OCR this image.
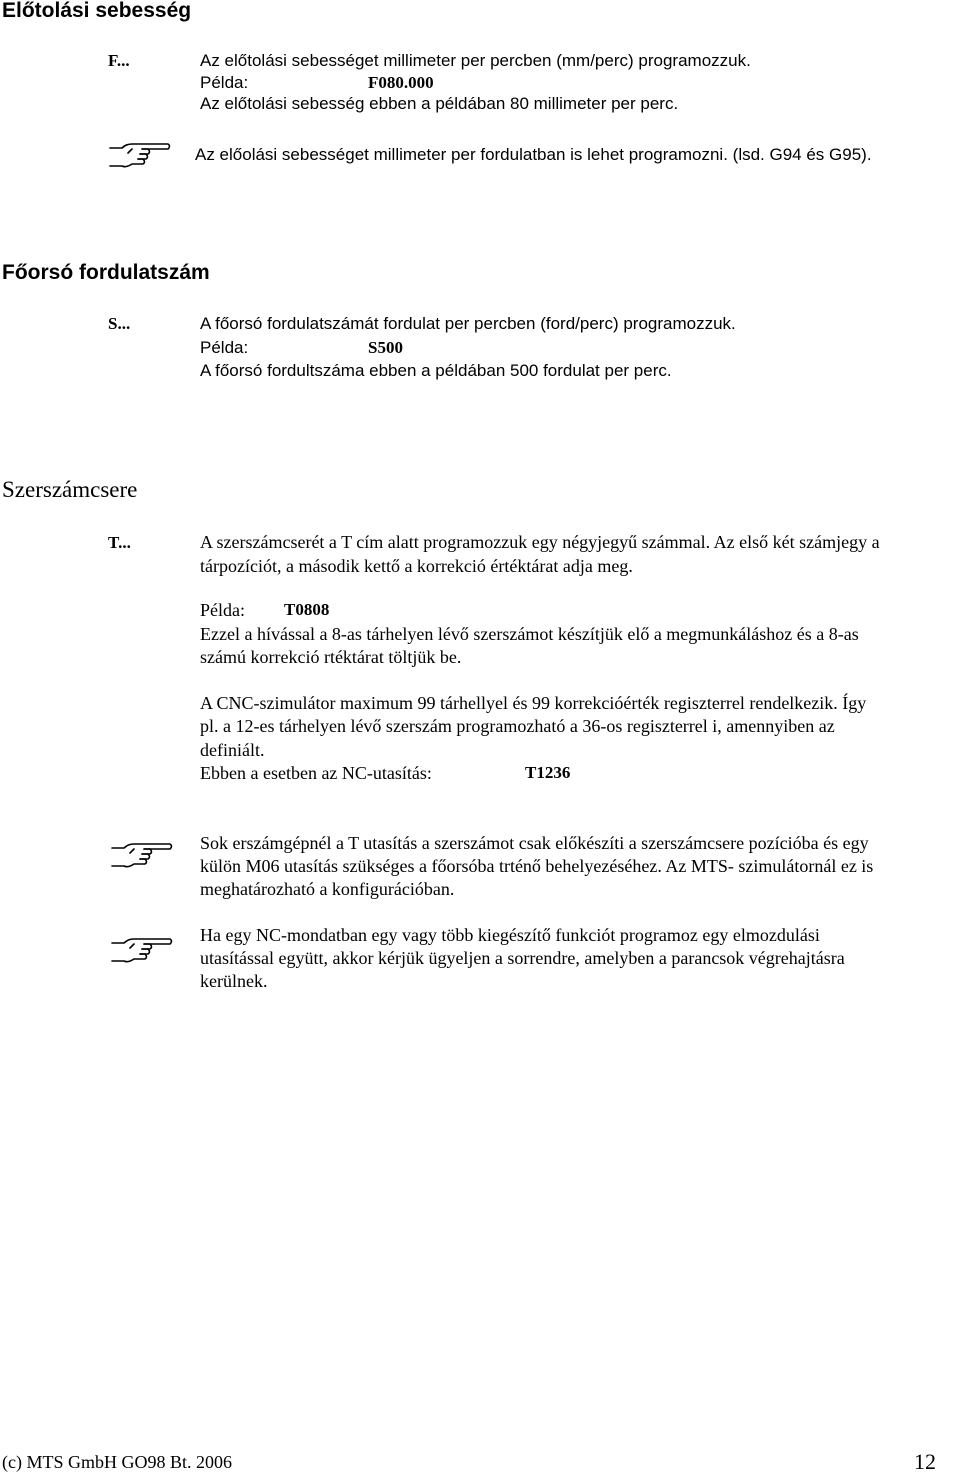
Előtolási sebesség
F...	Az előtolási sebességet millimeter per percben (mm/perc) programozzuk.
Példa:	F080.000
Az előtolási sebesség ebben a példában 80 millimeter per perc.
Az előolási sebességet millimeter per fordulatban is lehet programozni. (lsd. G94 és G95).
Főorsó fordulatszám
S...	A főorsó fordulatszámát fordulat per percben (ford/perc) programozzuk.
Példa:	S500
A főorsó fordultszáma ebben a példában 500 fordulat per perc.
Szerszámcsere
T...	A szerszámcserét a T cím alatt programozzuk egy négyjegyű számmal. Az első két számjegy a
tárpozíciót, a második kettő a korrekció értéktárat adja meg.
Példa: T0808
Ezzel a hívással a 8-as tárhelyen lévő szerszámot készítjük elő a megmunkáláshoz és a 8-as
számú korrekció rtéktárat töltjük be.
A CNC-szimulátor maximum 99 tárhellyel és 99 korrekcióérték regiszterrel rendelkezik. Így
pl. a 12-es tárhelyen lévő szerszám programozható a 36-os regiszterrel i, amennyiben az
definiált.
Ebben a esetben az NC-utasítás:	T1236
Sok erszámgépnél a T utasítás a szerszámot csak előkészíti a szerszámcsere pozícióba és egy
külön M06 utasítás szükséges a főorsóba trténő behelyezéséhez. Az MTS- szimulátornál ez is
meghatározható a konfigurációban.
Ha egy NC-mondatban egy vagy több kiegészítő funkciót programoz egy elmozdulási
utasítással együtt, akkor kérjük ügyeljen a sorrendre, amelyben a parancsok végrehajtásra
kerülnek.
(c) MTS GmbH GO98 Bt. 2006	12
